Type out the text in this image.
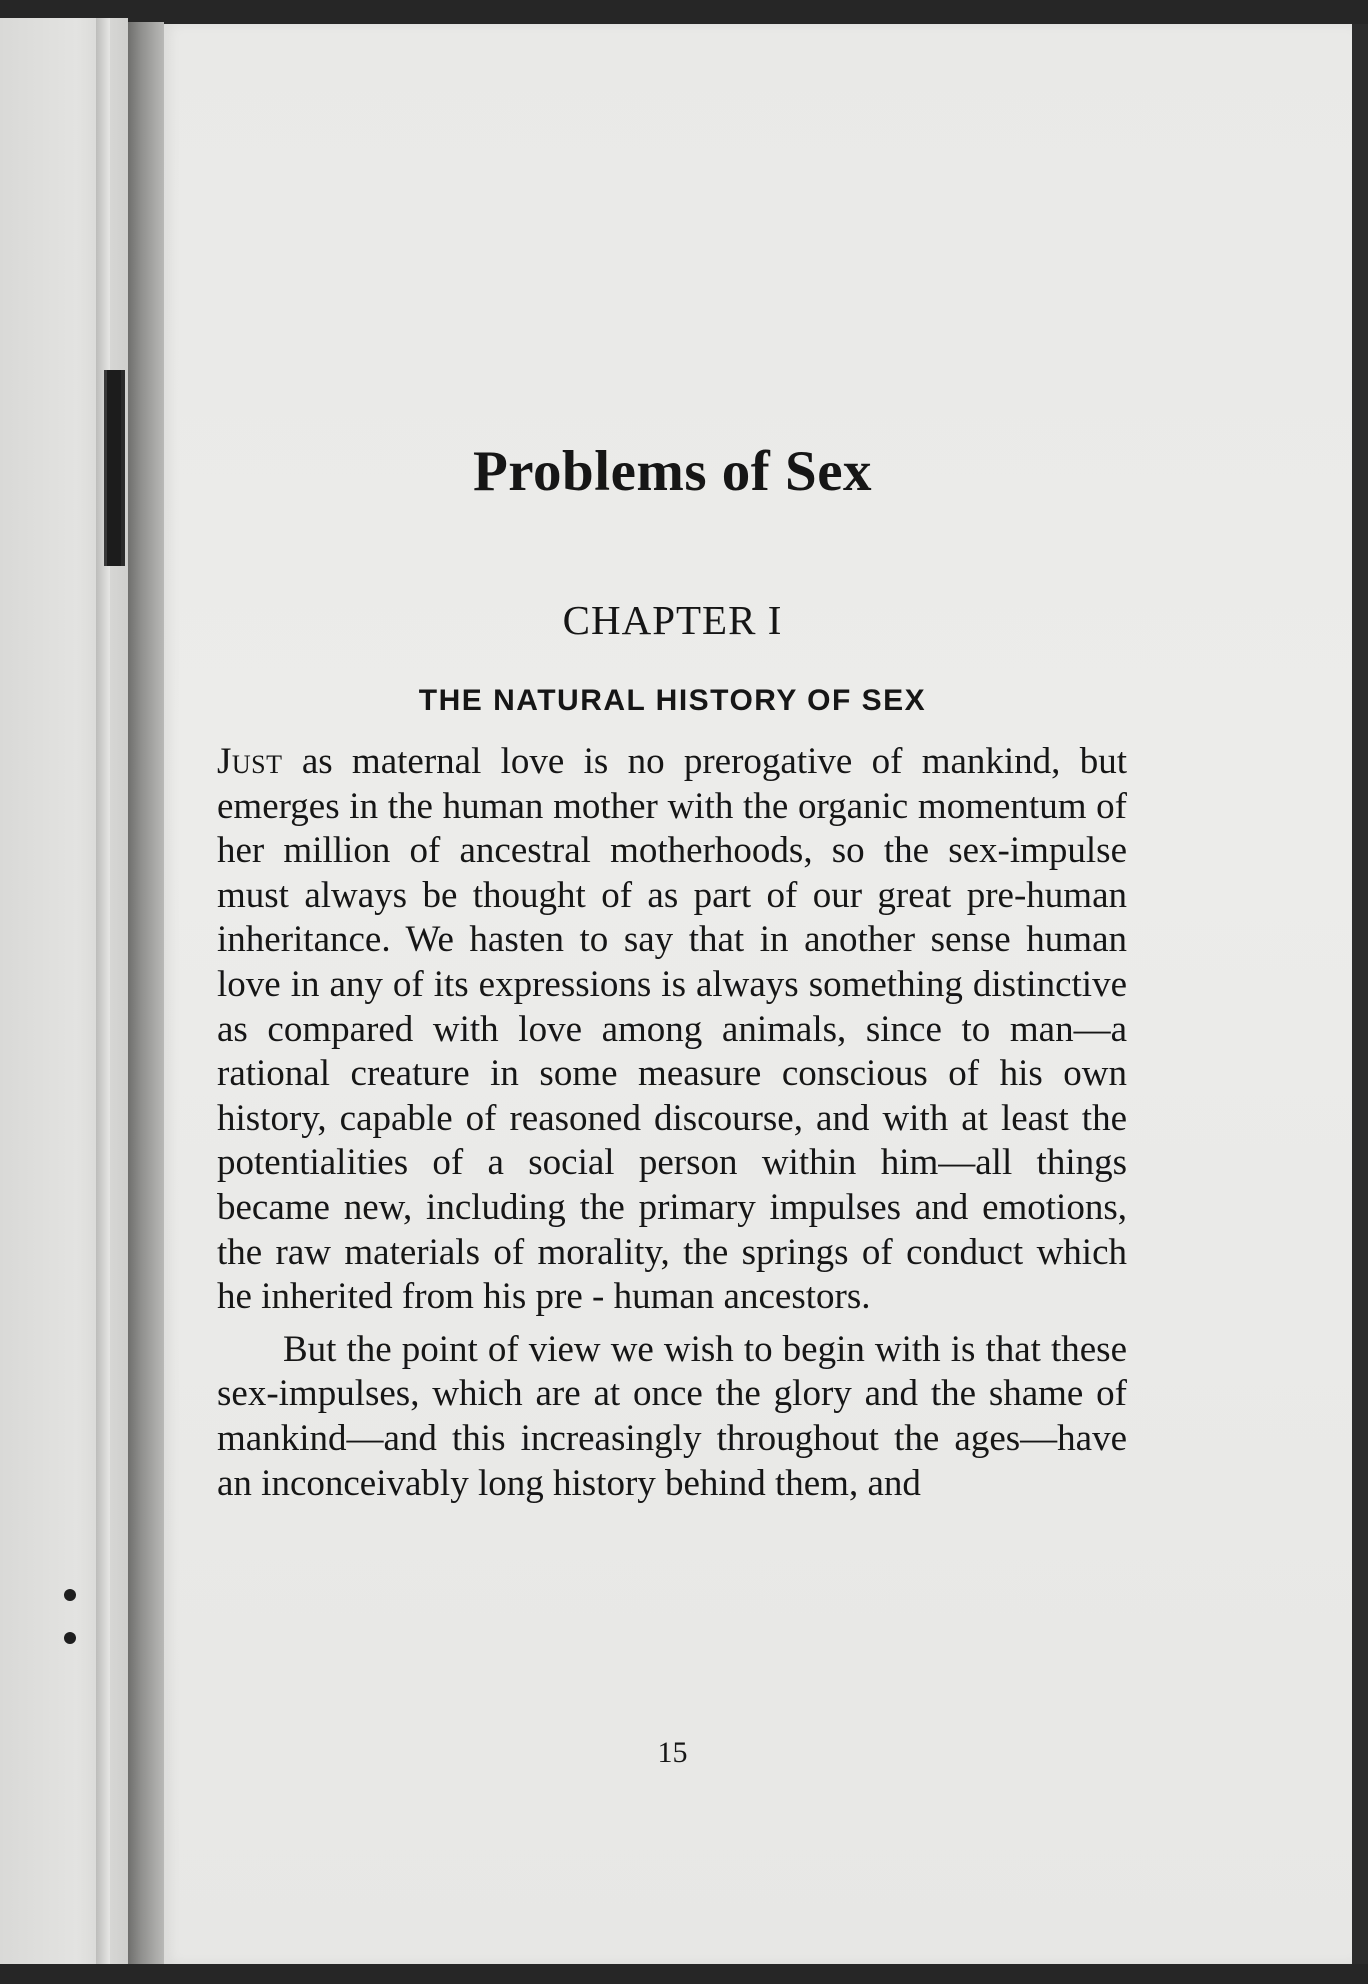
Problems of Sex
CHAPTER I
THE NATURAL HISTORY OF SEX

Just as maternal love is no prerogative of mankind, but emerges in the human mother with the organic momentum of her million of ancestral motherhoods, so the sex-impulse must always be thought of as part of our great pre-human inheritance. We hasten to say that in another sense human love in any of its expressions is always something distinctive as compared with love among animals, since to man—a rational creature in some measure conscious of his own history, capable of reasoned discourse, and with at least the potentialities of a social person within him—all things became new, including the primary impulses and emotions, the raw materials of morality, the springs of conduct which he inherited from his pre - human ancestors.

But the point of view we wish to begin with is that these sex-impulses, which are at once the glory and the shame of mankind—and this increasingly throughout the ages—have an inconceivably long history behind them, and

15
